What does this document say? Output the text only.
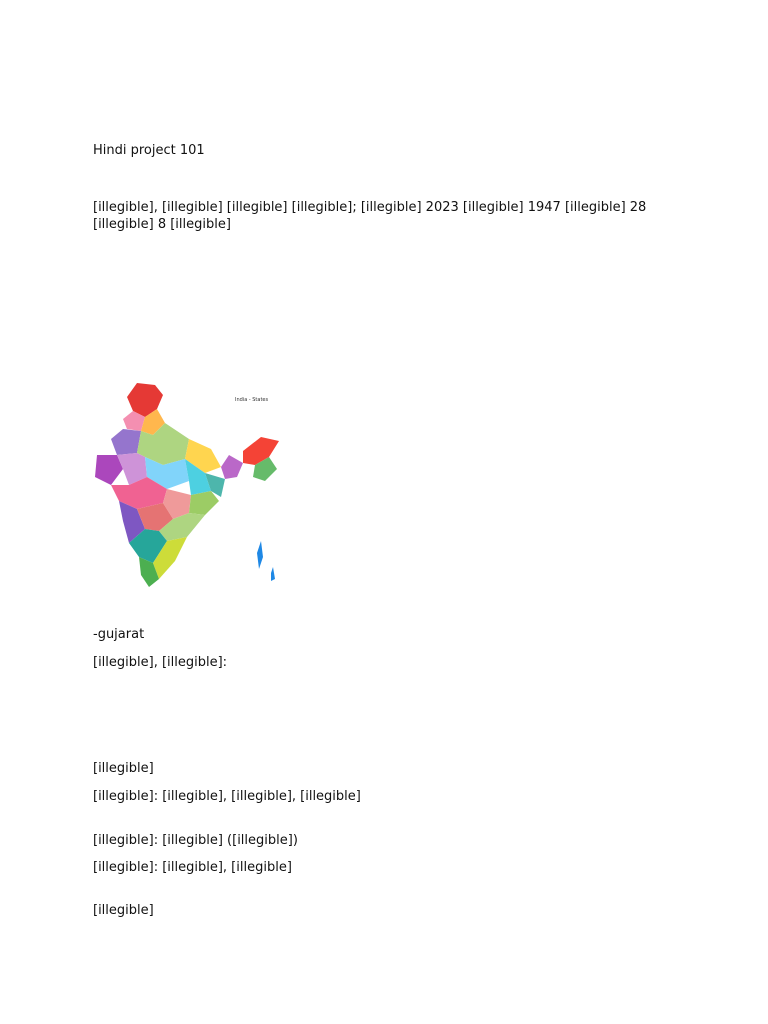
Hindi project 101

[illegible], [illegible] [illegible] [illegible]; [illegible] 2023 [illegible] 1947 [illegible] 28 [illegible] 8 [illegible]

India - States
-gujarat

[illegible], [illegible]:

[illegible]

[illegible]: [illegible], [illegible], [illegible]

[illegible]: [illegible] ([illegible])

[illegible]: [illegible], [illegible]

[illegible]
